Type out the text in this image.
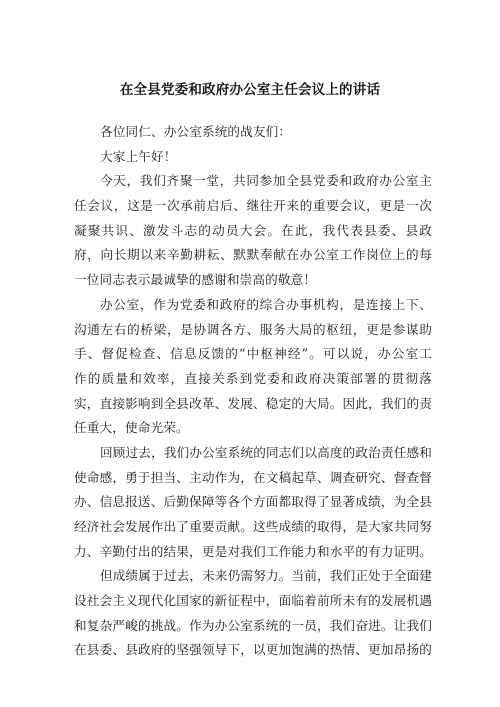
在全县党委和政府办公室主任会议上的讲话
各位同仁、办公室系统的战友们：
大家上午好！
今天，我们齐聚一堂，共同参加全县党委和政府办公室主
任会议，这是一次承前启后、继往开来的重要会议，更是一次
凝聚共识、激发斗志的动员大会。在此，我代表县委、县政
府，向长期以来辛勤耕耘、默默奉献在办公室工作岗位上的每
一位同志表示最诚挚的感谢和崇高的敬意！
办公室，作为党委和政府的综合办事机构，是连接上下、
沟通左右的桥梁，是协调各方、服务大局的枢纽，更是参谋助
手、督促检查、信息反馈的“中枢神经”。可以说，办公室工
作的质量和效率，直接关系到党委和政府决策部署的贯彻落
实，直接影响到全县改革、发展、稳定的大局。因此，我们的责
任重大，使命光荣。
回顾过去，我们办公室系统的同志们以高度的政治责任感和
使命感，勇于担当、主动作为，在文稿起草、调查研究、督查督
办、信息报送、后勤保障等各个方面都取得了显著成绩，为全县
经济社会发展作出了重要贡献。这些成绩的取得，是大家共同努
力、辛勤付出的结果，更是对我们工作能力和水平的有力证明。
但成绩属于过去，未来仍需努力。当前，我们正处于全面建
设社会主义现代化国家的新征程中，面临着前所未有的发展机遇
和复杂严峻的挑战。作为办公室系统的一员，我们奋进。让我们
在县委、县政府的坚强领导下，以更加饱满的热情、更加昂扬的
